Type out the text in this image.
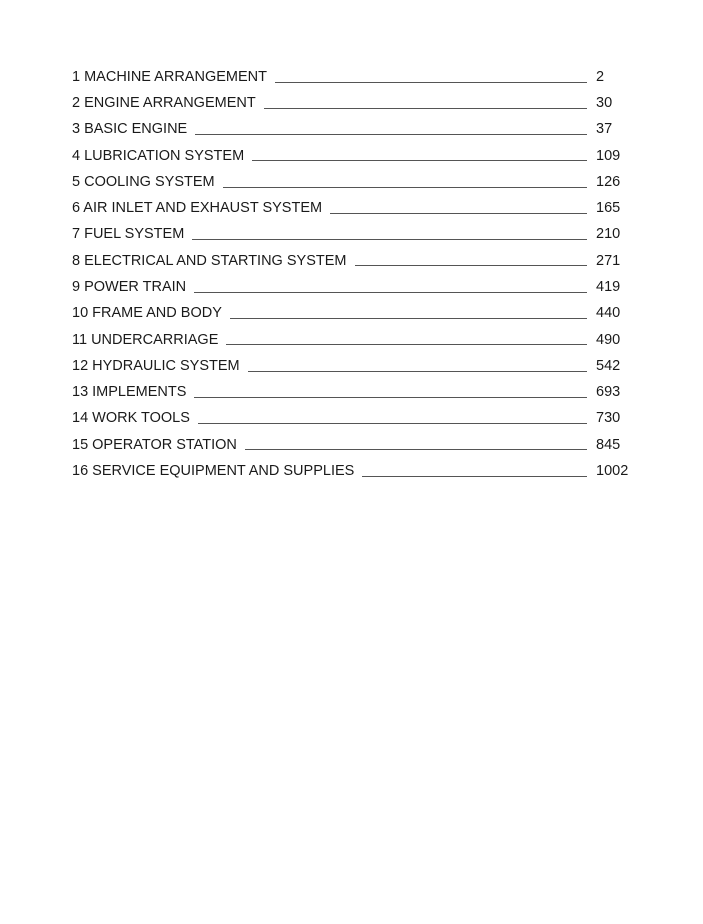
1 MACHINE ARRANGEMENT	2
2 ENGINE ARRANGEMENT	30
3 BASIC ENGINE	37
4 LUBRICATION SYSTEM	109
5 COOLING SYSTEM	126
6 AIR INLET AND EXHAUST SYSTEM	165
7 FUEL SYSTEM	210
8 ELECTRICAL AND STARTING SYSTEM	271
9 POWER TRAIN	419
10 FRAME AND BODY	440
11 UNDERCARRIAGE	490
12 HYDRAULIC SYSTEM	542
13 IMPLEMENTS	693
14 WORK TOOLS	730
15 OPERATOR STATION	845
16 SERVICE EQUIPMENT AND SUPPLIES	1002
